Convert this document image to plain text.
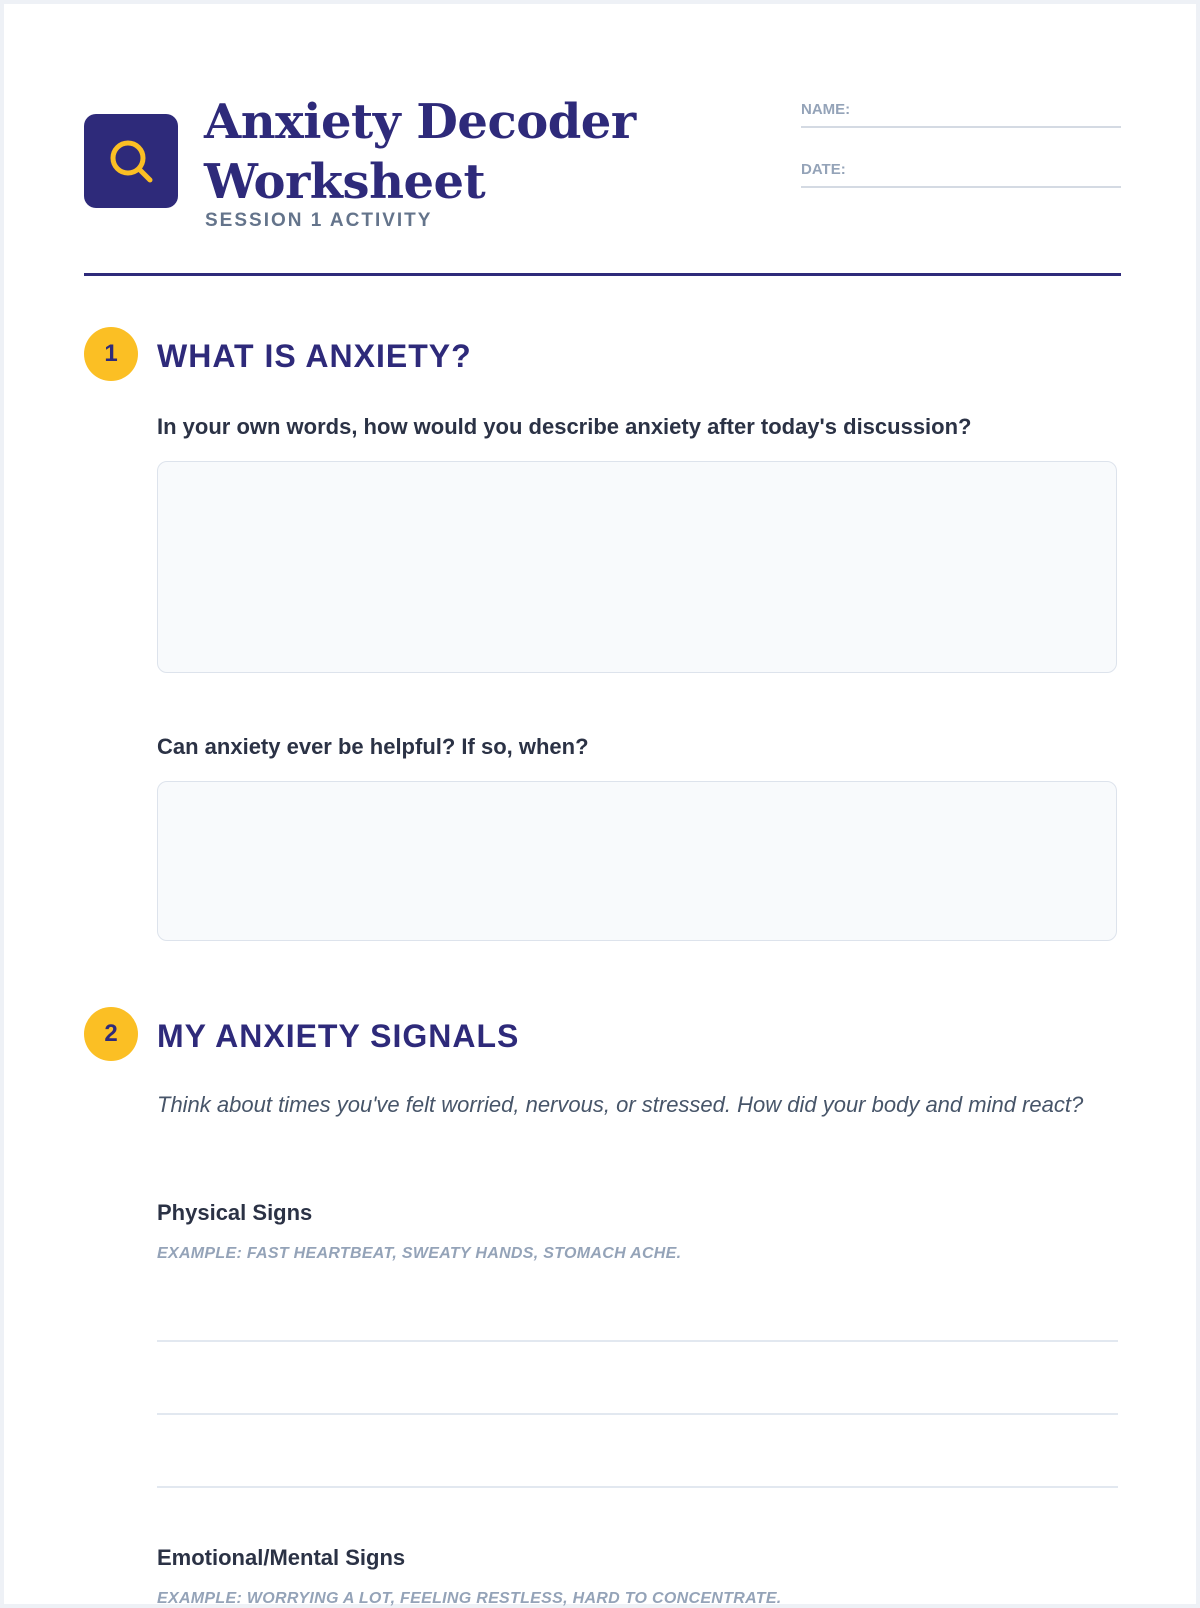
Anxiety Decoder
Worksheet
SESSION 1 ACTIVITY
NAME:
DATE:
1	WHAT IS ANXIETY?
In your own words, how would you describe anxiety after today's discussion?
Can anxiety ever be helpful? If so, when?
2	MY ANXIETY SIGNALS
Think about times you've felt worried, nervous, or stressed. How did your body and mind react?
Physical Signs
EXAMPLE: FAST HEARTBEAT, SWEATY HANDS, STOMACH ACHE.
Emotional/Mental Signs
EXAMPLE: WORRYING A LOT, FEELING RESTLESS, HARD TO CONCENTRATE.
